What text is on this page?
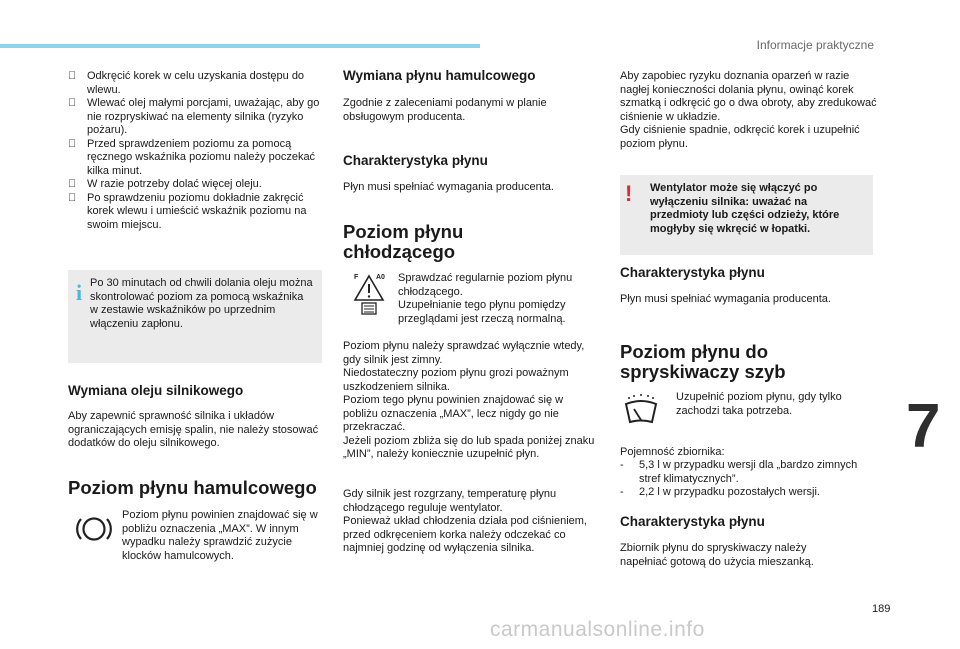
Informacje praktyczne
7
189
carmanualsonline.info
Odkręcić korek w celu uzyskania dostępu do wlewu.
Wlewać olej małymi porcjami, uważając, aby go nie rozpryskiwać na elementy silnika (ryzyko pożaru).
Przed sprawdzeniem poziomu za pomocą ręcznego wskaźnika poziomu należy poczekać kilka minut.
W razie potrzeby dolać więcej oleju.
Po sprawdzeniu poziomu dokładnie zakręcić korek wlewu i umieścić wskaźnik poziomu na swoim miejscu.
i Po 30 minutach od chwili dolania oleju można skontrolować poziom za pomocą wskaźnika w zestawie wskaźników po uprzednim włączeniu zapłonu.
Wymiana oleju silnikowego
Aby zapewnić sprawność silnika i układów ograniczających emisję spalin, nie należy stosować dodatków do oleju silnikowego.
Poziom płynu hamulcowego
Poziom płynu powinien znajdować się w pobliżu oznaczenia „MAX”. W innym wypadku należy sprawdzić zużycie klocków hamulcowych.
Wymiana płynu hamulcowego
Zgodnie z zaleceniami podanymi w planie obsługowym producenta.
Charakterystyka płynu
Płyn musi spełniać wymagania producenta.
Poziom płynu
chłodzącego
F	A0 Sprawdzać regularnie poziom płynu chłodzącego.
Uzupełnianie tego płynu pomiędzy przeglądami jest rzeczą normalną.
Poziom płynu należy sprawdzać wyłącznie wtedy, gdy silnik jest zimny.
Niedostateczny poziom płynu grozi poważnym uszkodzeniem silnika.
Poziom tego płynu powinien znajdować się w pobliżu oznaczenia „MAX”, lecz nigdy go nie przekraczać.
Jeżeli poziom zbliża się do lub spada poniżej znaku „MIN”, należy koniecznie uzupełnić płyn.
Gdy silnik jest rozgrzany, temperaturę płynu chłodzącego reguluje wentylator.
Ponieważ układ chłodzenia działa pod ciśnieniem, przed odkręceniem korka należy odczekać co najmniej godzinę od wyłączenia silnika.
Aby zapobiec ryzyku doznania oparzeń w razie nagłej konieczności dolania płynu, owinąć korek szmatką i odkręcić go o dwa obroty, aby zredukować ciśnienie w układzie.
Gdy ciśnienie spadnie, odkręcić korek i uzupełnić poziom płynu.
! Wentylator może się włączyć po wyłączeniu silnika: uważać na przedmioty lub części odzieży, które mogłyby się wkręcić w łopatki.
Charakterystyka płynu
Płyn musi spełniać wymagania producenta.
Poziom płynu do
spryskiwaczy szyb
Uzupełnić poziom płynu, gdy tylko zachodzi taka potrzeba.
Pojemność zbiornika:
-	5,3 l w przypadku wersji dla „bardzo zimnych stref klimatycznych”.
-	2,2 l w przypadku pozostałych wersji.
Charakterystyka płynu
Zbiornik płynu do spryskiwaczy należy napełniać gotową do użycia mieszanką.
